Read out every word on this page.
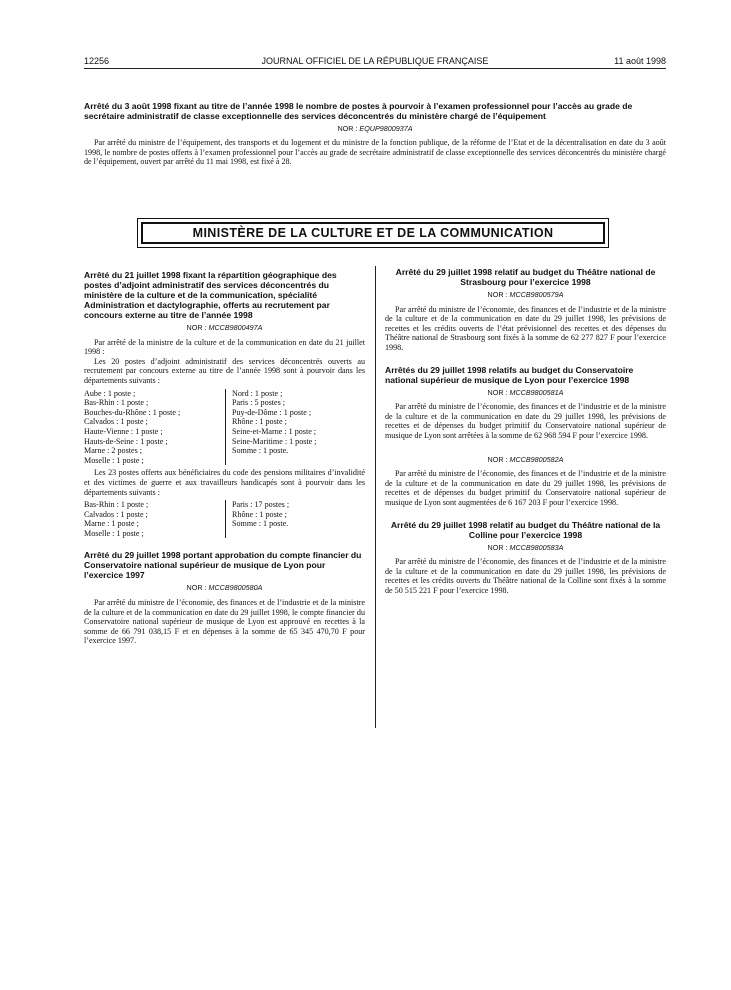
12256	JOURNAL OFFICIEL DE LA RÉPUBLIQUE FRANÇAISE	11 août 1998

Arrêté du 3 août 1998 fixant au titre de l’année 1998 le nombre de postes à pourvoir à l’examen professionnel pour l’accès au grade de secrétaire administratif de classe exceptionnelle des services déconcentrés du ministère chargé de l’équipement

NOR : EQUP9800937A

Par arrêté du ministre de l’équipement, des transports et du logement et du ministre de la fonction publique, de la réforme de l’Etat et de la décentralisation en date du 3 août 1998, le nombre de postes offerts à l’examen professionnel pour l’accès au grade de secrétaire administratif de classe exceptionnelle des services déconcentrés du ministère chargé de l’équipement, ouvert par arrêté du 11 mai 1998, est fixé à 28.

MINISTÈRE DE LA CULTURE ET DE LA COMMUNICATION

Arrêté du 21 juillet 1998 fixant la répartition géographique des postes d’adjoint administratif des services déconcentrés du ministère de la culture et de la communication, spécialité Administration et dactylographie, offerts au recrutement par concours externe au titre de l’année 1998

NOR : MCCB9800497A

Par arrêté de la ministre de la culture et de la communication en date du 21 juillet 1998 :

Les 20 postes d’adjoint administratif des services déconcentrés ouverts au recrutement par concours externe au titre de l’année 1998 sont à pourvoir dans les départements suivants :

Aube : 1 poste ;
Bas-Rhin : 1 poste ;
Bouches-du-Rhône : 1 poste ;
Calvados : 1 poste ;
Haute-Vienne : 1 poste ;
Hauts-de-Seine : 1 poste ;
Marne : 2 postes ;
Moselle : 1 poste ;
Nord : 1 poste ;
Paris : 5 postes ;
Puy-de-Dôme : 1 poste ;
Rhône : 1 poste ;
Seine-et-Marne : 1 poste ;
Seine-Maritime : 1 poste ;
Somme : 1 poste.

Les 23 postes offerts aux bénéficiaires du code des pensions militaires d’invalidité et des victimes de guerre et aux travailleurs handicapés sont à pourvoir dans les départements suivants :

Bas-Rhin : 1 poste ;
Calvados : 1 poste ;
Marne : 1 poste ;
Moselle : 1 poste ;
Paris : 17 postes ;
Rhône : 1 poste ;
Somme : 1 poste.

Arrêté du 29 juillet 1998 portant approbation du compte financier du Conservatoire national supérieur de musique de Lyon pour l’exercice 1997

NOR : MCCB9800580A

Par arrêté du ministre de l’économie, des finances et de l’industrie et de la ministre de la culture et de la communication en date du 29 juillet 1998, le compte financier du Conservatoire national supérieur de musique de Lyon est approuvé en recettes à la somme de 66 791 038,15 F et en dépenses à la somme de 65 345 470,70 F pour l’exercice 1997.

Arrêté du 29 juillet 1998 relatif au budget du Théâtre national de Strasbourg pour l’exercice 1998

NOR : MCCB9800579A

Par arrêté du ministre de l’économie, des finances et de l’industrie et de la ministre de la culture et de la communication en date du 29 juillet 1998, les prévisions de recettes et les crédits ouverts de l’état prévisionnel des recettes et des dépenses du Théâtre national de Strasbourg sont fixés à la somme de 62 277 827 F pour l’exercice 1998.

Arrêtés du 29 juillet 1998 relatifs au budget du Conservatoire national supérieur de musique de Lyon pour l’exercice 1998

NOR : MCCB9800581A

Par arrêté du ministre de l’économie, des finances et de l’industrie et de la ministre de la culture et de la communication en date du 29 juillet 1998, les prévisions de recettes et de dépenses du budget primitif du Conservatoire national supérieur de musique de Lyon sont arrêtées à la somme de 62 968 594 F pour l’exercice 1998.

NOR : MCCB9800582A

Par arrêté du ministre de l’économie, des finances et de l’industrie et de la ministre de la culture et de la communication en date du 29 juillet 1998, les prévisions de recettes et de dépenses du budget primitif du Conservatoire national supérieur de musique de Lyon sont augmentées de 6 167 203 F pour l’exercice 1998.

Arrêté du 29 juillet 1998 relatif au budget du Théâtre national de la Colline pour l’exercice 1998

NOR : MCCB9800583A

Par arrêté du ministre de l’économie, des finances et de l’industrie et de la ministre de la culture et de la communication en date du 29 juillet 1998, les prévisions de recettes et les crédits ouverts du Théâtre national de la Colline sont fixés à la somme de 50 515 221 F pour l’exercice 1998.
